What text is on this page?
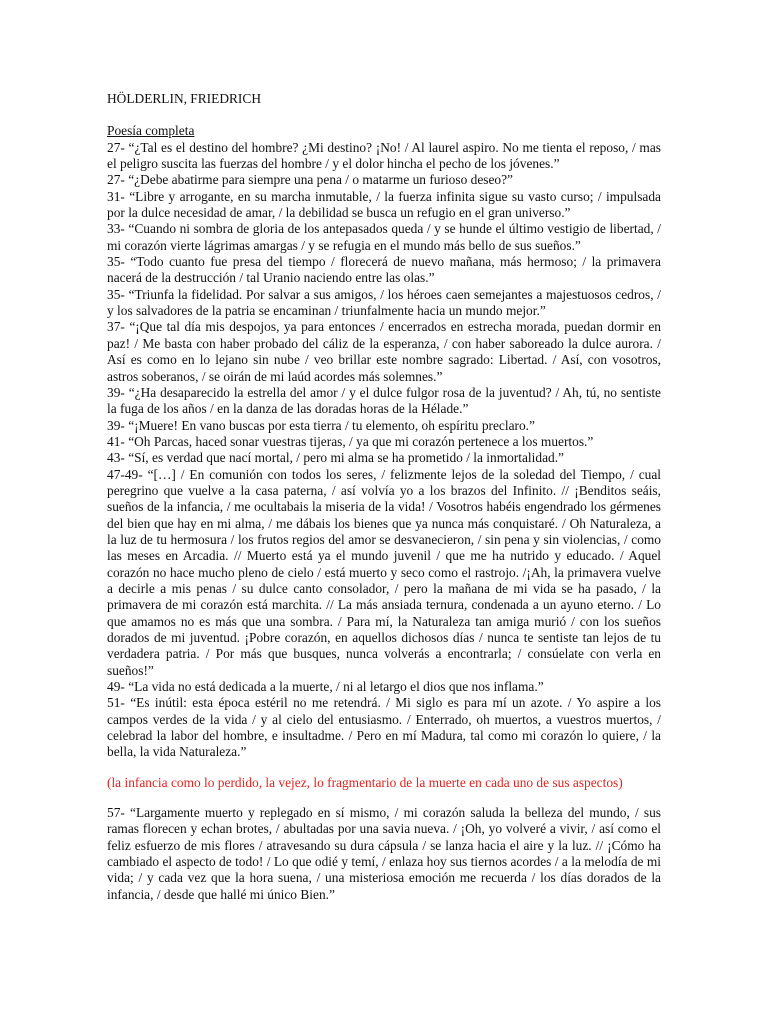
HÖLDERLIN, FRIEDRICH

Poesía completa

27- “¿Tal es el destino del hombre? ¿Mi destino? ¡No! / Al laurel aspiro. No me tienta el reposo, / mas el peligro suscita las fuerzas del hombre / y el dolor hincha el pecho de los jóvenes.”

27- “¿Debe abatirme para siempre una pena / o matarme un furioso deseo?”

31- “Libre y arrogante, en su marcha inmutable, / la fuerza infinita sigue su vasto curso; / impulsada por la dulce necesidad de amar, / la debilidad se busca un refugio en el gran universo.”

33- “Cuando ni sombra de gloria de los antepasados queda / y se hunde el último vestigio de libertad, / mi corazón vierte lágrimas amargas / y se refugia en el mundo más bello de sus sueños.”

35- “Todo cuanto fue presa del tiempo / florecerá de nuevo mañana, más hermoso; / la primavera nacerá de la destrucción / tal Uranio naciendo entre las olas.”

35- “Triunfa la fidelidad. Por salvar a sus amigos, / los héroes caen semejantes a majestuosos cedros, / y los salvadores de la patria se encaminan / triunfalmente hacia un mundo mejor.”

37- “¡Que tal día mis despojos, ya para entonces / encerrados en estrecha morada, puedan dormir en paz! / Me basta con haber probado del cáliz de la esperanza, / con haber saboreado la dulce aurora. / Así es como en lo lejano sin nube / veo brillar este nombre sagrado: Libertad. / Así, con vosotros, astros soberanos, / se oirán de mi laúd acordes más solemnes.”

39- “¿Ha desaparecido la estrella del amor / y el dulce fulgor rosa de la juventud? / Ah, tú, no sentiste la fuga de los años / en la danza de las doradas horas de la Hélade.”

39- “¡Muere! En vano buscas por esta tierra / tu elemento, oh espíritu preclaro.”

41- “Oh Parcas, haced sonar vuestras tijeras, / ya que mi corazón pertenece a los muertos.”

43- “Sí, es verdad que nací mortal, / pero mi alma se ha prometido / la inmortalidad.”

47-49- “[…] / En comunión con todos los seres, / felizmente lejos de la soledad del Tiempo, / cual peregrino que vuelve a la casa paterna, / así volvía yo a los brazos del Infinito. // ¡Benditos seáis, sueños de la infancia, / me ocultabais la miseria de la vida! / Vosotros habéis engendrado los gérmenes del bien que hay en mi alma, / me dábais los bienes que ya nunca más conquistaré. / Oh Naturaleza, a la luz de tu hermosura / los frutos regios del amor se desvanecieron, / sin pena y sin violencias, / como las meses en Arcadia. // Muerto está ya el mundo juvenil / que me ha nutrido y educado. / Aquel corazón no hace mucho pleno de cielo / está muerto y seco como el rastrojo. /¡Ah, la primavera vuelve a decirle a mis penas / su dulce canto consolador, / pero la mañana de mi vida se ha pasado, / la primavera de mi corazón está marchita. // La más ansiada ternura, condenada a un ayuno eterno. / Lo que amamos no es más que una sombra. / Para mí, la Naturaleza tan amiga murió / con los sueños dorados de mi juventud. ¡Pobre corazón, en aquellos dichosos días / nunca te sentiste tan lejos de tu verdadera patria. / Por más que busques, nunca volverás a encontrarla; / consúelate con verla en sueños!”

49- “La vida no está dedicada a la muerte, / ni al letargo el dios que nos inflama.”

51- “Es inútil: esta época estéril no me retendrá. / Mi siglo es para mí un azote. / Yo aspire a los campos verdes de la vida / y al cielo del entusiasmo. / Enterrado, oh muertos, a vuestros muertos, / celebrad la labor del hombre, e insultadme. / Pero en mí Madura, tal como mi corazón lo quiere, / la bella, la vida Naturaleza.”

(la infancia como lo perdido, la vejez, lo fragmentario de la muerte en cada uno de sus aspectos)

57- “Largamente muerto y replegado en sí mismo, / mi corazón saluda la belleza del mundo, / sus ramas florecen y echan brotes, / abultadas por una savia nueva. / ¡Oh, yo volveré a vivir, / así como el feliz esfuerzo de mis flores / atravesando su dura cápsula / se lanza hacia el aire y la luz. // ¡Cómo ha cambiado el aspecto de todo! / Lo que odié y temí, / enlaza hoy sus tiernos acordes / a la melodía de mi vida; / y cada vez que la hora suena, / una misteriosa emoción me recuerda / los días dorados de la infancia, / desde que hallé mi único Bien.”
